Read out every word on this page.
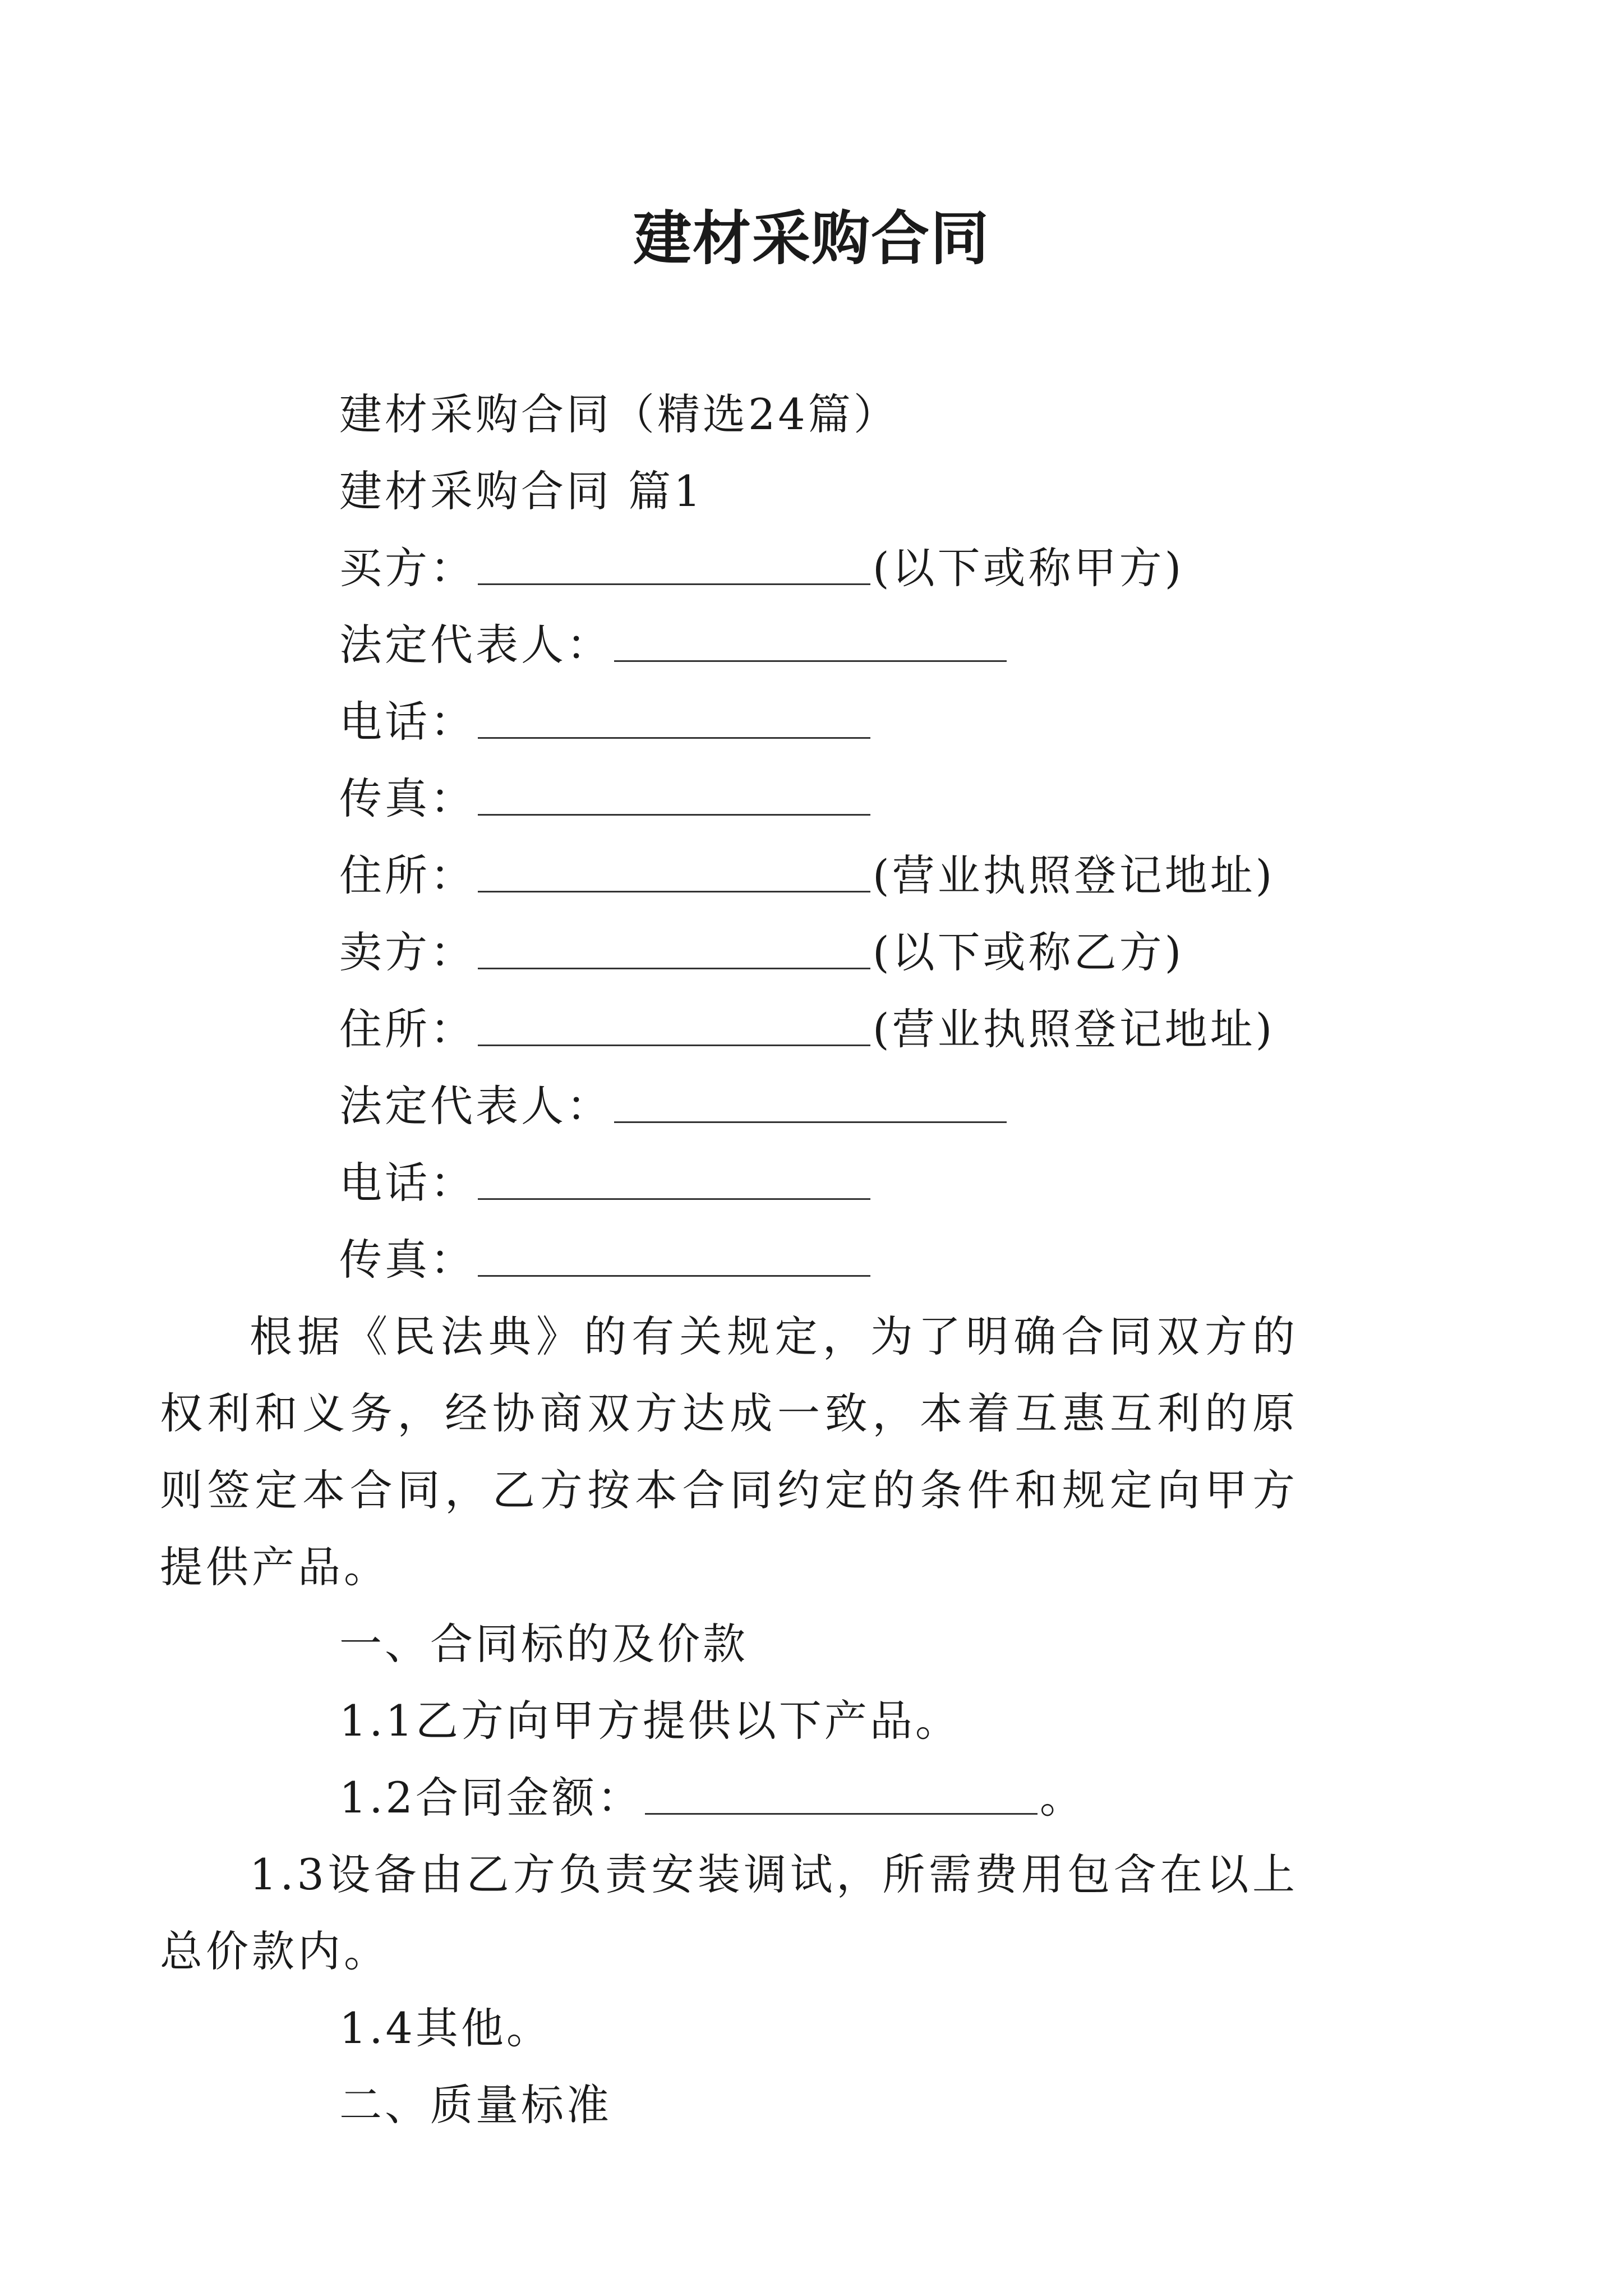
建材采购合同
建材采购合同（精选24篇）
建材采购合同 篇1
买方：	(以下或称甲方)
法定代表人：
电话：
传真：
住所：	(营业执照登记地址)
卖方：	(以下或称乙方)
住所：	(营业执照登记地址)
法定代表人：
电话：
传真：
根据《民法典》的有关规定，为了明确合同双方的权利和义务，经协商双方达成一致，本着互惠互利的原则签定本合同，乙方按本合同约定的条件和规定向甲方提供产品。
一、合同标的及价款
1.1乙方向甲方提供以下产品。
1.2合同金额：	。
1.3设备由乙方负责安装调试，所需费用包含在以上总价款内。
1.4其他。
二、质量标准
